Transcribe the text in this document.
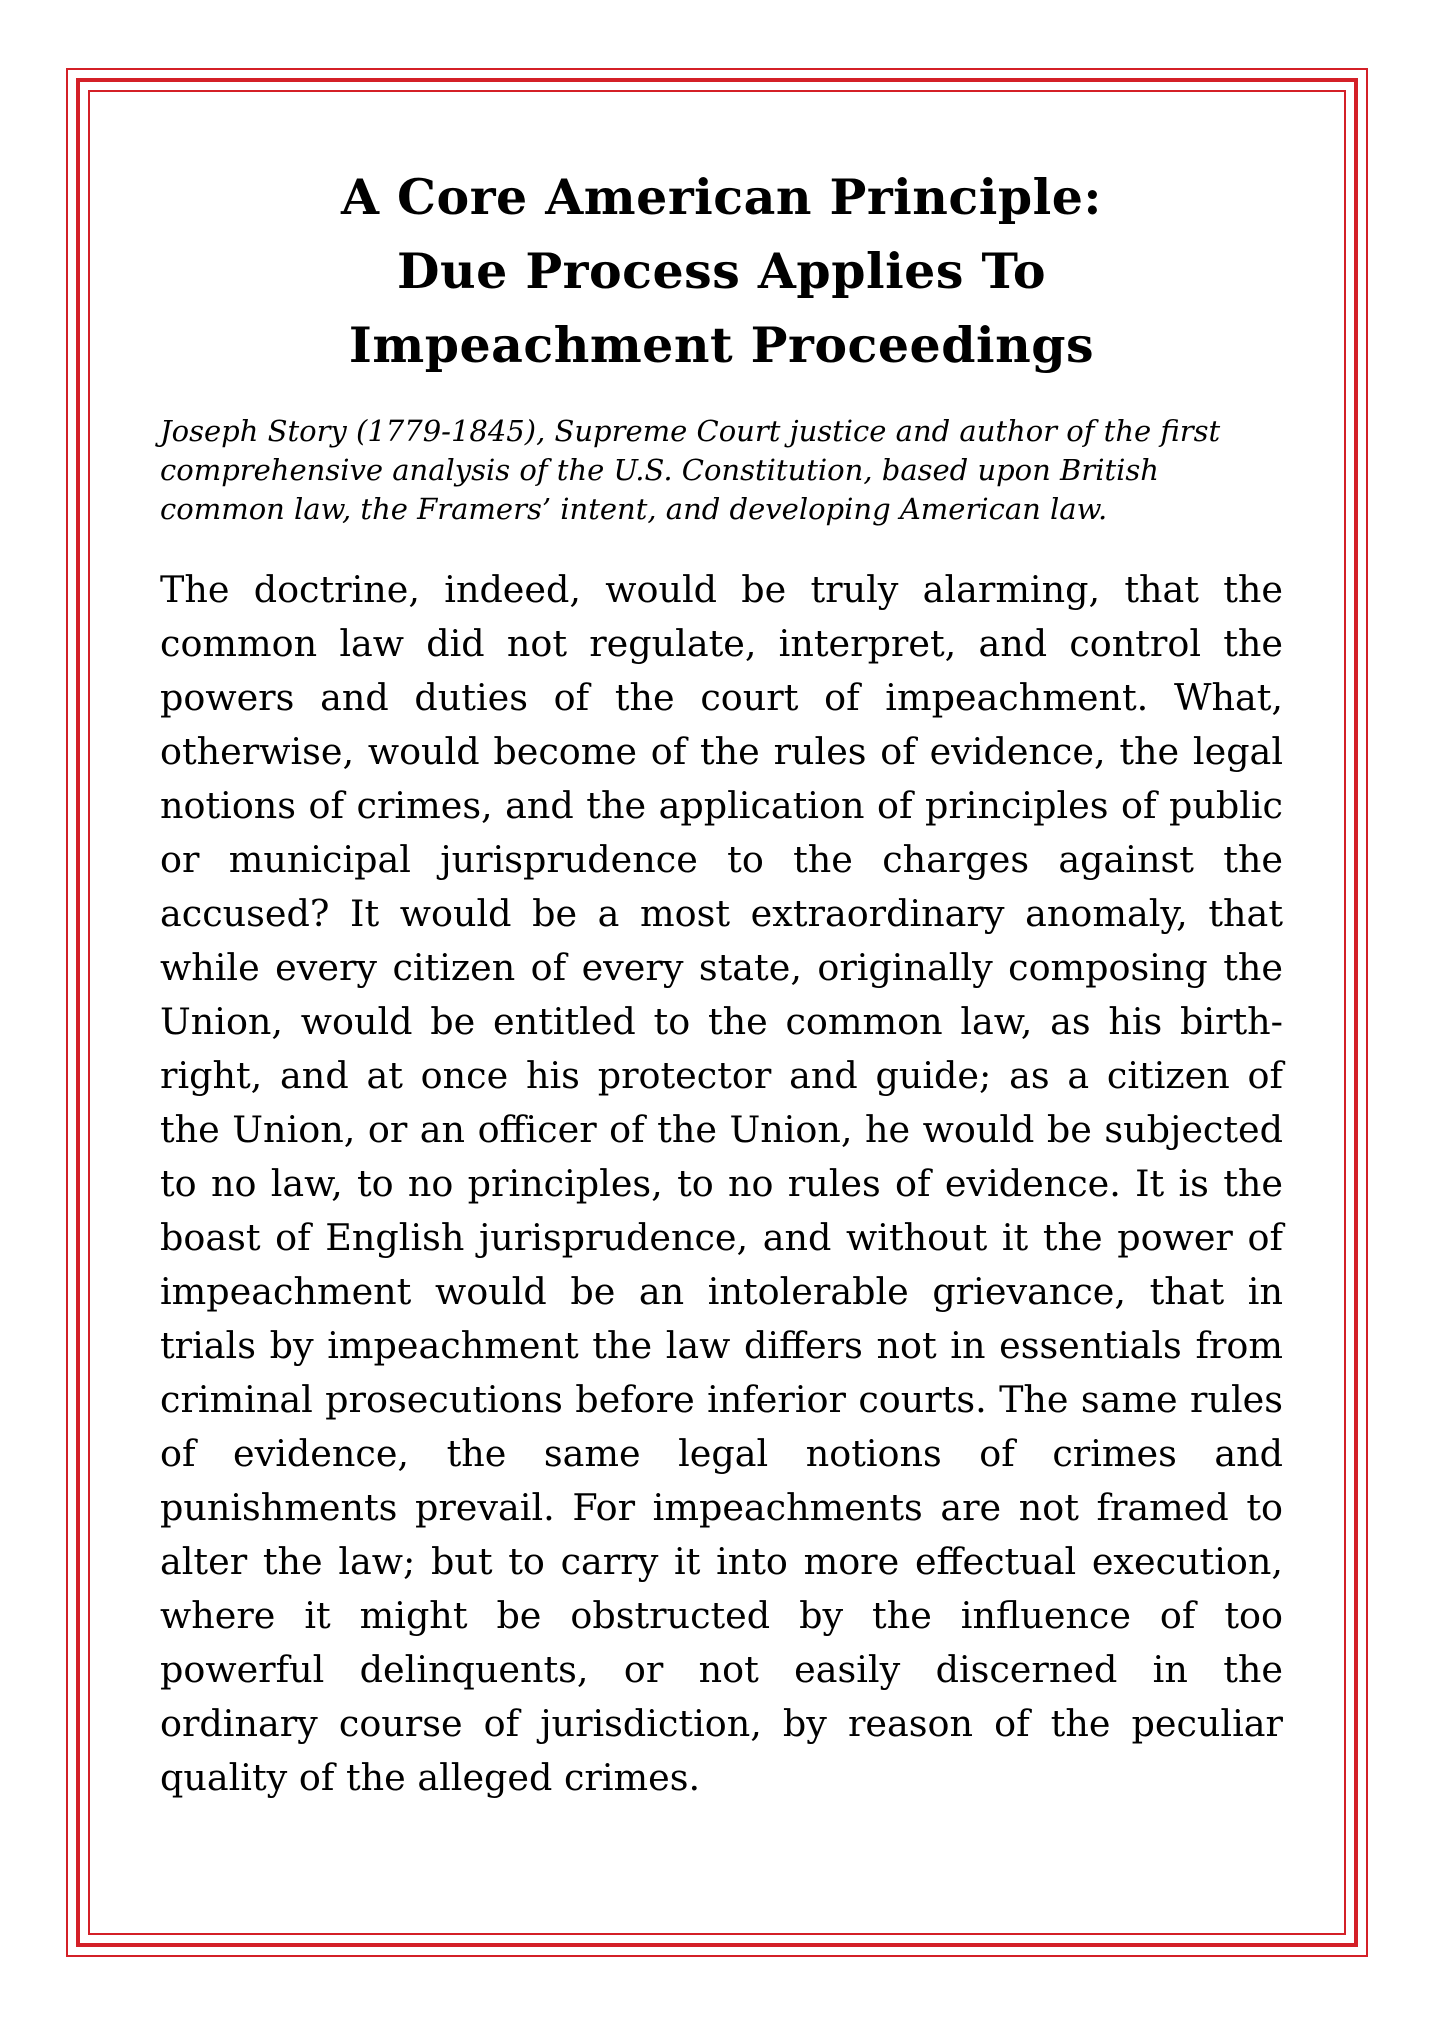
A Core American Principle:
Due Process Applies To
Impeachment Proceedings

Joseph Story (1779-1845), Supreme Court justice and author of the first comprehensive analysis of the U.S. Constitution, based upon British common law, the Framers’ intent, and developing American law.

The doctrine, indeed, would be truly alarming, that the common law did not regulate, interpret, and control the powers and duties of the court of impeachment. What, otherwise, would become of the rules of evidence, the legal notions of crimes, and the application of principles of public or municipal jurisprudence to the charges against the accused? It would be a most extraordinary anomaly, that while every citizen of every state, originally composing the Union, would be entitled to the common law, as his birth-right, and at once his protector and guide; as a citizen of the Union, or an officer of the Union, he would be subjected to no law, to no principles, to no rules of evidence. It is the boast of English jurisprudence, and without it the power of impeachment would be an intolerable grievance, that in trials by impeachment the law differs not in essentials from criminal prosecutions before inferior courts. The same rules of evidence, the same legal notions of crimes and punishments prevail. For impeachments are not framed to alter the law; but to carry it into more effectual execution, where it might be obstructed by the influence of too powerful delinquents, or not easily discerned in the ordinary course of jurisdiction, by reason of the peculiar quality of the alleged crimes.
